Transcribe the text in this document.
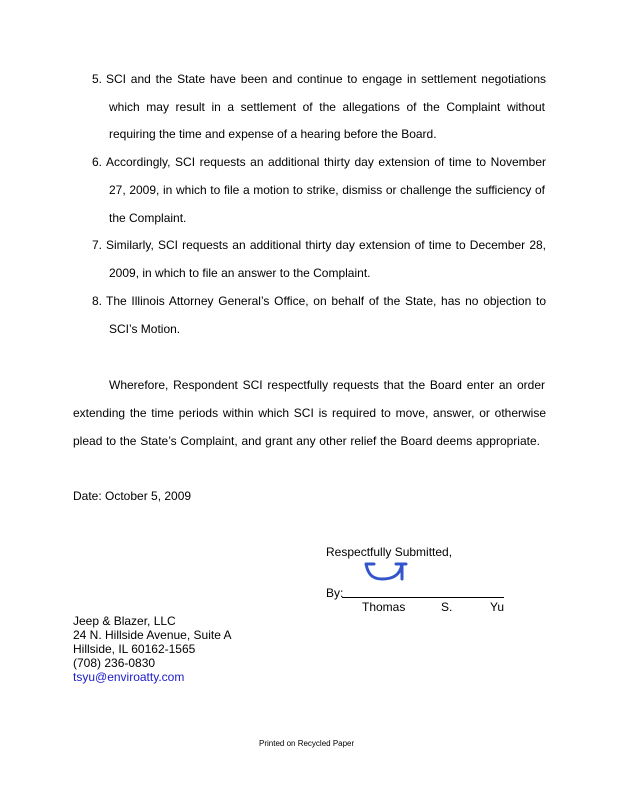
5. SCI and the State have been and continue to engage in settlement negotiations
which may result in a settlement of the allegations of the Complaint without
requiring the time and expense of a hearing before the Board.
6. Accordingly, SCI requests an additional thirty day extension of time to November
27, 2009, in which to file a motion to strike, dismiss or challenge the sufficiency of
the Complaint.
7. Similarly, SCI requests an additional thirty day extension of time to December 28,
2009, in which to file an answer to the Complaint.
8. The Illinois Attorney General’s Office, on behalf of the State, has no objection to
SCI’s Motion.
Wherefore, Respondent SCI respectfully requests that the Board enter an order
extending the time periods within which SCI is required to move, answer, or otherwise
plead to the State’s Complaint, and grant any other relief the Board deems appropriate.
Date: October 5, 2009
Respectfully Submitted,
By:
Thomas	S.	Yu
Jeep & Blazer, LLC
24 N. Hillside Avenue, Suite A
Hillside, IL 60162-1565
(708) 236-0830
tsyu@enviroatty.com
Printed on Recycled Paper
